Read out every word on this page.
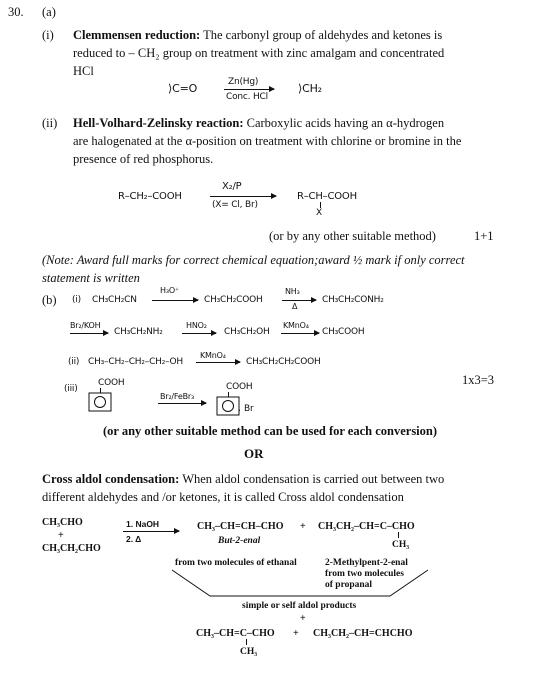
30. (a)
(i) Clemmensen reduction: The carbonyl group of aldehydes and ketones is
reduced to – CH₂ group on treatment with zinc amalgam and concentrated
HCl
⟩C=O	Zn(Hg)
Conc. HCl
⟩CH₂
(ii) Hell-Volhard-Zelinsky reaction: Carboxylic acids having an α-hydrogen
are halogenated at the α-position on treatment with chlorine or bromine in the
presence of red phosphorus.
R–CH₂–COOH
X₂/P
(X= Cl, Br)
R–CH–COOH
X
(or by any other suitable method)	1+1
(Note: Award full marks for correct chemical equation;award ½ mark if only correct statement is written
(b) (i) CH₃CH₂CN
H₃O⁺
CH₃CH₂COOH
NH₃
Δ
CH₃CH₂CONH₂
Br₂/KOH
CH₃CH₂NH₂
HNO₂
CH₃CH₂OH
KMnO₄
CH₃COOH
(ii) CH₃–CH₂–CH₂–CH₂–OH
KMnO₄
CH₃CH₂CH₂COOH
(iii)
COOH
Br₂/FeBr₃
COOH
Br
1x3=3
(or any other suitable method can be used for each conversion)
OR
Cross aldol condensation: When aldol condensation is carried out between two
different aldehydes and /or ketones, it is called Cross aldol condensation
CH₃CHO
+
CH₃CH₂CHO
1. NaOH
2. Δ
CH₃–CH=CH–CHO + CH₃CH₂–CH=C–CHO
CH₃
But-2-enal
from two molecules of ethanal	2-Methylpent-2-enal
from two molecules
of propanal
simple or self aldol products
+
CH₃–CH=C–CHO
CH₃
+ CH₃CH₂–CH=CHCHO
